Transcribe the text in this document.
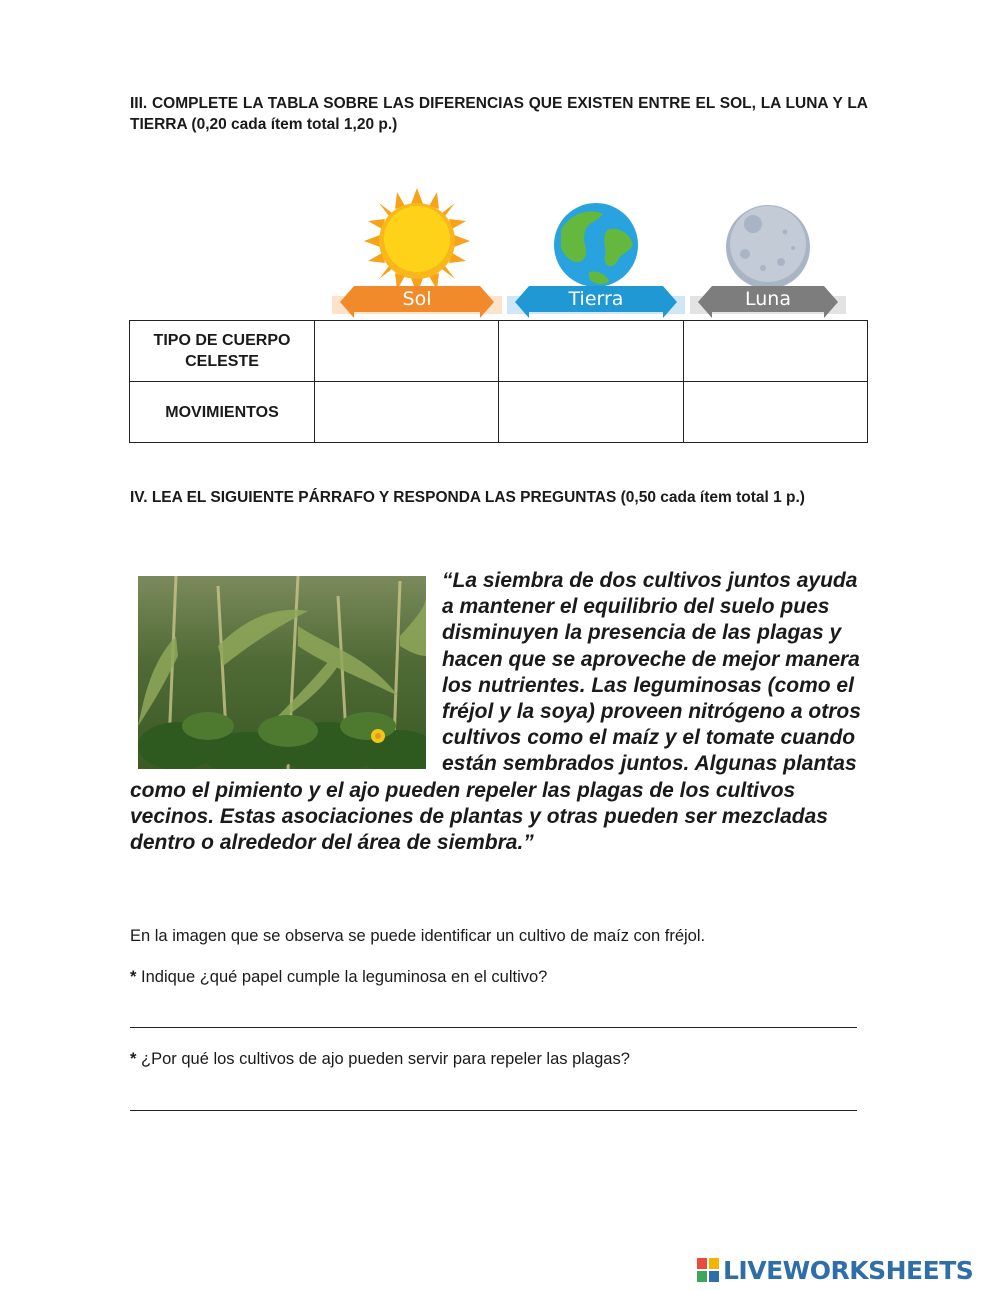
III. COMPLETE LA TABLA SOBRE LAS DIFERENCIAS QUE EXISTEN ENTRE EL SOL, LA LUNA Y LA TIERRA (0,20 cada ítem total 1,20 p.)
Sol	Tierra	Luna
TIPO DE CUERPO CELESTE			
MOVIMIENTOS			
IV. LEA EL SIGUIENTE PÁRRAFO Y RESPONDA LAS PREGUNTAS (0,50 cada ítem total 1 p.)

“La siembra de dos cultivos juntos ayuda a mantener el equilibrio del suelo pues disminuyen la presencia de las plagas y hacen que se aproveche de mejor manera los nutrientes. Las leguminosas (como el fréjol y la soya) proveen nitrógeno a otros cultivos como el maíz y el tomate cuando están sembrados juntos. Algunas plantas como el pimiento y el ajo pueden repeler las plagas de los cultivos vecinos. Estas asociaciones de plantas y otras pueden ser mezcladas dentro o alrededor del área de siembra.”

En la imagen que se observa se puede identificar un cultivo de maíz con fréjol.
* Indique ¿qué papel cumple la leguminosa en el cultivo?
* ¿Por qué los cultivos de ajo pueden servir para repeler las plagas?
LIVEWORKSHEETS
